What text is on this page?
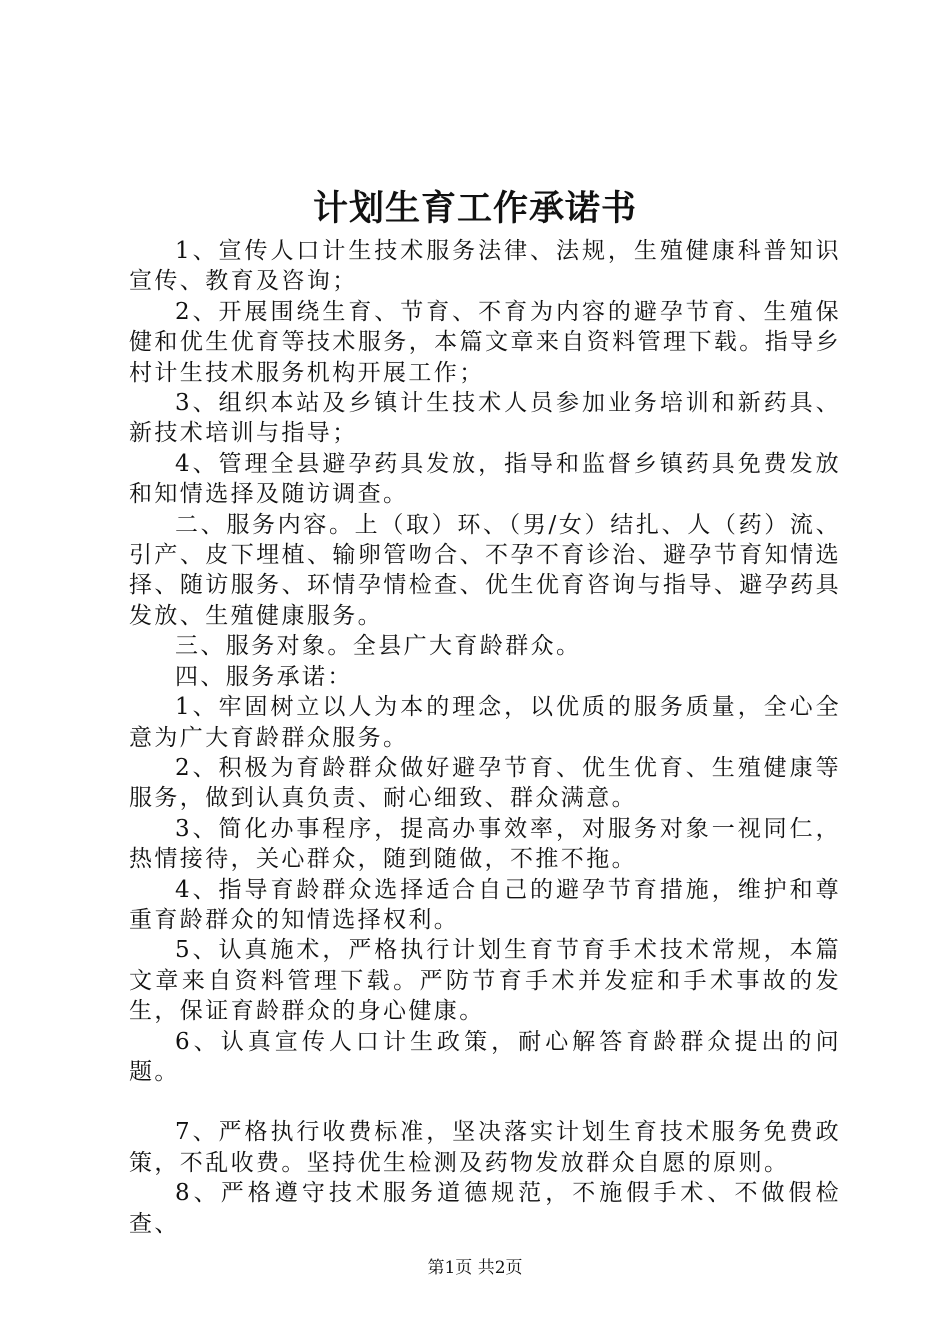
计划生育工作承诺书

1、宣传人口计生技术服务法律、法规，生殖健康科普知识宣传、教育及咨询；

2、开展围绕生育、节育、不育为内容的避孕节育、生殖保健和优生优育等技术服务，本篇文章来自资料管理下载。指导乡村计生技术服务机构开展工作；

3、组织本站及乡镇计生技术人员参加业务培训和新药具、新技术培训与指导；

4、管理全县避孕药具发放，指导和监督乡镇药具免费发放和知情选择及随访调查。

二、服务内容。上（取）环、（男/女）结扎、人（药）流、引产、皮下埋植、输卵管吻合、不孕不育诊治、避孕节育知情选择、随访服务、环情孕情检查、优生优育咨询与指导、避孕药具发放、生殖健康服务。

三、服务对象。全县广大育龄群众。

四、服务承诺：

1、牢固树立以人为本的理念，以优质的服务质量，全心全意为广大育龄群众服务。

2、积极为育龄群众做好避孕节育、优生优育、生殖健康等服务，做到认真负责、耐心细致、群众满意。

3、简化办事程序，提高办事效率，对服务对象一视同仁，热情接待，关心群众，随到随做，不推不拖。

4、指导育龄群众选择适合自己的避孕节育措施，维护和尊重育龄群众的知情选择权利。

5、认真施术，严格执行计划生育节育手术技术常规，本篇文章来自资料管理下载。严防节育手术并发症和手术事故的发生，保证育龄群众的身心健康。

6、认真宣传人口计生政策，耐心解答育龄群众提出的问题。

7、严格执行收费标准，坚决落实计划生育技术服务免费政策，不乱收费。坚持优生检测及药物发放群众自愿的原则。

8、严格遵守技术服务道德规范，不施假手术、不做假检查、

第1页 共2页
